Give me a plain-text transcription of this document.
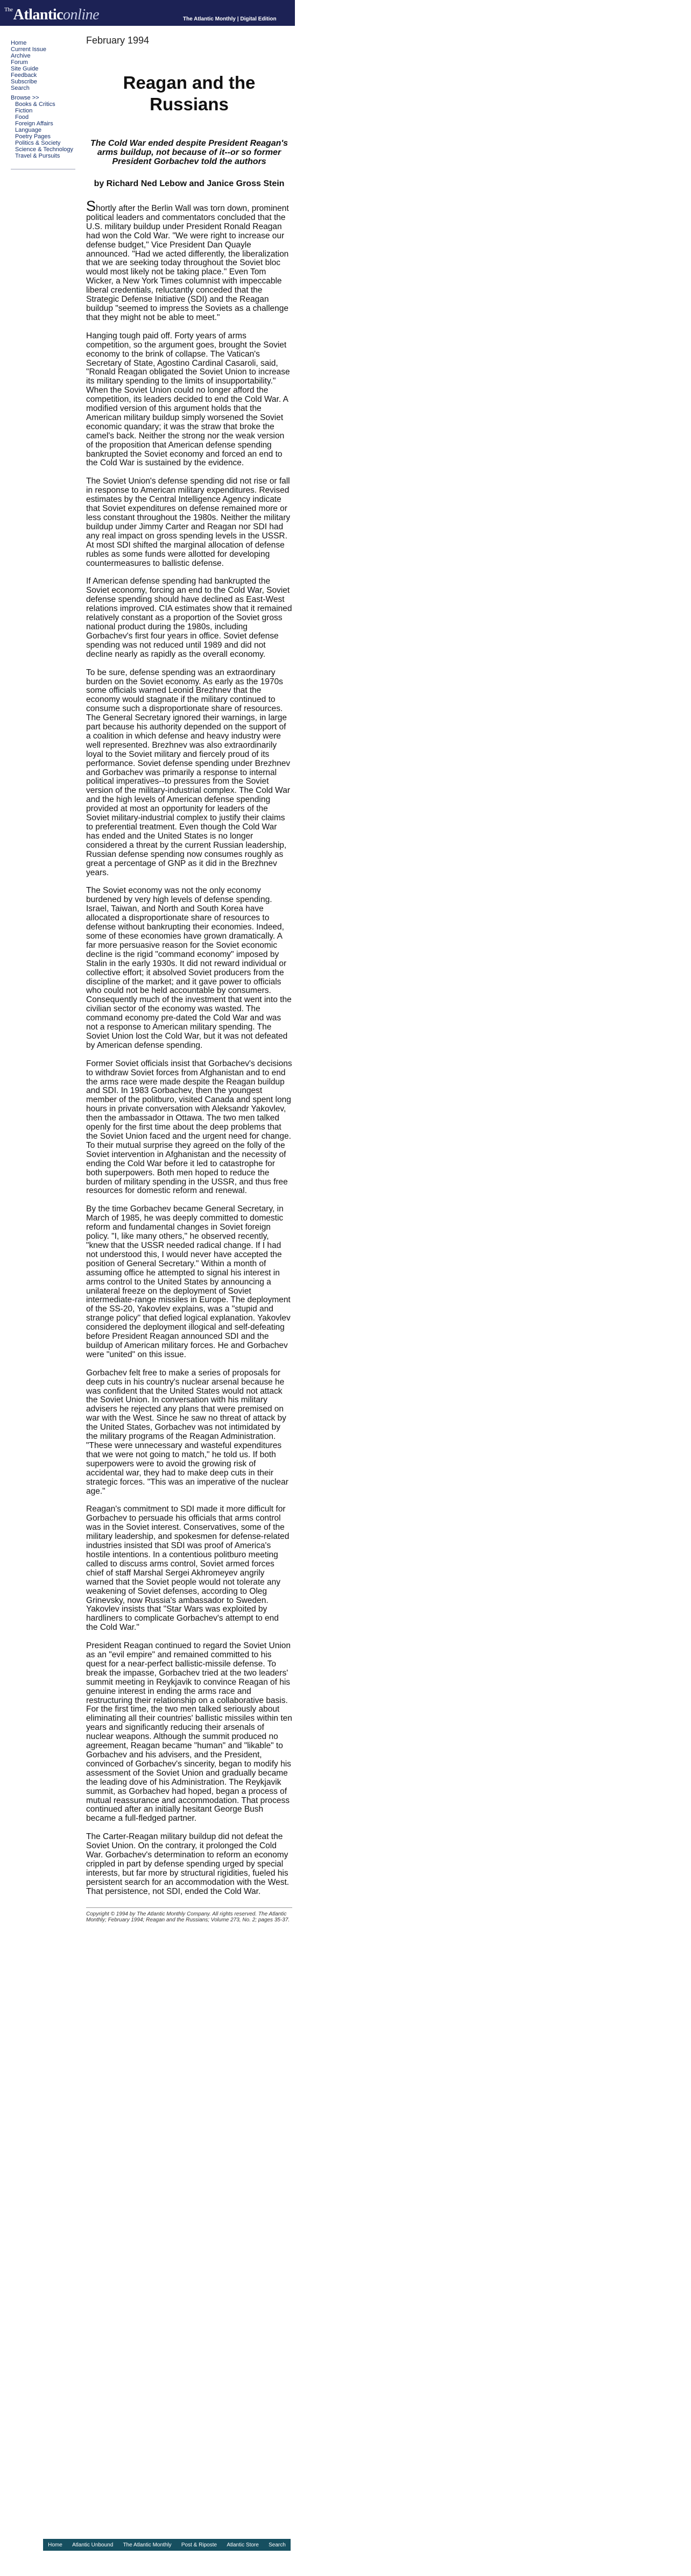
$^{The}$Atlanticonline	The Atlantic Monthly | Digital Edition
Home
Current Issue
Archive
Forum
Site Guide
Feedback
Subscribe
Search
Browse >>
Books & Critics
Fiction
Food
Foreign Affairs
Language
Poetry Pages
Politics & Society
Science & Technology
Travel & Pursuits
February 1994
Reagan and the Russians
The Cold War ended despite President Reagan's arms buildup, not because of it--or so former President Gorbachev told the authors
by Richard Ned Lebow and Janice Gross Stein

Shortly after the Berlin Wall was torn down, prominent political leaders and commentators concluded that the U.S. military buildup under President Ronald Reagan had won the Cold War. "We were right to increase our defense budget," Vice President Dan Quayle announced. "Had we acted differently, the liberalization that we are seeking today throughout the Soviet bloc would most likely not be taking place." Even Tom Wicker, a New York Times columnist with impeccable liberal credentials, reluctantly conceded that the Strategic Defense Initiative (SDI) and the Reagan buildup "seemed to impress the Soviets as a challenge that they might not be able to meet."

Hanging tough paid off. Forty years of arms competition, so the argument goes, brought the Soviet economy to the brink of collapse. The Vatican's Secretary of State, Agostino Cardinal Casaroli, said, "Ronald Reagan obligated the Soviet Union to increase its military spending to the limits of insupportability." When the Soviet Union could no longer afford the competition, its leaders decided to end the Cold War. A modified version of this argument holds that the American military buildup simply worsened the Soviet economic quandary; it was the straw that broke the camel's back. Neither the strong nor the weak version of the proposition that American defense spending bankrupted the Soviet economy and forced an end to the Cold War is sustained by the evidence.

The Soviet Union's defense spending did not rise or fall in response to American military expenditures. Revised estimates by the Central Intelligence Agency indicate that Soviet expenditures on defense remained more or less constant throughout the 1980s. Neither the military buildup under Jimmy Carter and Reagan nor SDI had any real impact on gross spending levels in the USSR. At most SDI shifted the marginal allocation of defense rubles as some funds were allotted for developing countermeasures to ballistic defense.

If American defense spending had bankrupted the Soviet economy, forcing an end to the Cold War, Soviet defense spending should have declined as East-West relations improved. CIA estimates show that it remained relatively constant as a proportion of the Soviet gross national product during the 1980s, including Gorbachev's first four years in office. Soviet defense spending was not reduced until 1989 and did not decline nearly as rapidly as the overall economy.

To be sure, defense spending was an extraordinary burden on the Soviet economy. As early as the 1970s some officials warned Leonid Brezhnev that the economy would stagnate if the military continued to consume such a disproportionate share of resources. The General Secretary ignored their warnings, in large part because his authority depended on the support of a coalition in which defense and heavy industry were well represented. Brezhnev was also extraordinarily loyal to the Soviet military and fiercely proud of its performance. Soviet defense spending under Brezhnev and Gorbachev was primarily a response to internal political imperatives--to pressures from the Soviet version of the military-industrial complex. The Cold War and the high levels of American defense spending provided at most an opportunity for leaders of the Soviet military-industrial complex to justify their claims to preferential treatment. Even though the Cold War has ended and the United States is no longer considered a threat by the current Russian leadership, Russian defense spending now consumes roughly as great a percentage of GNP as it did in the Brezhnev years.

The Soviet economy was not the only economy burdened by very high levels of defense spending. Israel, Taiwan, and North and South Korea have allocated a disproportionate share of resources to defense without bankrupting their economies. Indeed, some of these economies have grown dramatically. A far more persuasive reason for the Soviet economic decline is the rigid "command economy" imposed by Stalin in the early 1930s. It did not reward individual or collective effort; it absolved Soviet producers from the discipline of the market; and it gave power to officials who could not be held accountable by consumers. Consequently much of the investment that went into the civilian sector of the economy was wasted. The command economy pre-dated the Cold War and was not a response to American military spending. The Soviet Union lost the Cold War, but it was not defeated by American defense spending.

Former Soviet officials insist that Gorbachev's decisions to withdraw Soviet forces from Afghanistan and to end the arms race were made despite the Reagan buildup and SDI. In 1983 Gorbachev, then the youngest member of the politburo, visited Canada and spent long hours in private conversation with Aleksandr Yakovlev, then the ambassador in Ottawa. The two men talked openly for the first time about the deep problems that the Soviet Union faced and the urgent need for change. To their mutual surprise they agreed on the folly of the Soviet intervention in Afghanistan and the necessity of ending the Cold War before it led to catastrophe for both superpowers. Both men hoped to reduce the burden of military spending in the USSR, and thus free resources for domestic reform and renewal.

By the time Gorbachev became General Secretary, in March of 1985, he was deeply committed to domestic reform and fundamental changes in Soviet foreign policy. "I, like many others," he observed recently, "knew that the USSR needed radical change. If I had not understood this, I would never have accepted the position of General Secretary." Within a month of assuming office he attempted to signal his interest in arms control to the United States by announcing a unilateral freeze on the deployment of Soviet intermediate-range missiles in Europe. The deployment of the SS-20, Yakovlev explains, was a "stupid and strange policy" that defied logical explanation. Yakovlev considered the deployment illogical and self-defeating before President Reagan announced SDI and the buildup of American military forces. He and Gorbachev were "united" on this issue.

Gorbachev felt free to make a series of proposals for deep cuts in his country's nuclear arsenal because he was confident that the United States would not attack the Soviet Union. In conversation with his military advisers he rejected any plans that were premised on war with the West. Since he saw no threat of attack by the United States, Gorbachev was not intimidated by the military programs of the Reagan Administration. "These were unnecessary and wasteful expenditures that we were not going to match," he told us. If both superpowers were to avoid the growing risk of accidental war, they had to make deep cuts in their strategic forces. "This was an imperative of the nuclear age."

Reagan's commitment to SDI made it more difficult for Gorbachev to persuade his officials that arms control was in the Soviet interest. Conservatives, some of the military leadership, and spokesmen for defense-related industries insisted that SDI was proof of America's hostile intentions. In a contentious politburo meeting called to discuss arms control, Soviet armed forces chief of staff Marshal Sergei Akhromeyev angrily warned that the Soviet people would not tolerate any weakening of Soviet defenses, according to Oleg Grinevsky, now Russia's ambassador to Sweden. Yakovlev insists that "Star Wars was exploited by hardliners to complicate Gorbachev's attempt to end the Cold War."

President Reagan continued to regard the Soviet Union as an "evil empire" and remained committed to his quest for a near-perfect ballistic-missile defense. To break the impasse, Gorbachev tried at the two leaders' summit meeting in Reykjavik to convince Reagan of his genuine interest in ending the arms race and restructuring their relationship on a collaborative basis. For the first time, the two men talked seriously about eliminating all their countries' ballistic missiles within ten years and significantly reducing their arsenals of nuclear weapons. Although the summit produced no agreement, Reagan became "human" and "likable" to Gorbachev and his advisers, and the President, convinced of Gorbachev's sincerity, began to modify his assessment of the Soviet Union and gradually became the leading dove of his Administration. The Reykjavik summit, as Gorbachev had hoped, began a process of mutual reassurance and accommodation. That process continued after an initially hesitant George Bush became a full-fledged partner.

The Carter-Reagan military buildup did not defeat the Soviet Union. On the contrary, it prolonged the Cold War. Gorbachev's determination to reform an economy crippled in part by defense spending urged by special interests, but far more by structural rigidities, fueled his persistent search for an accommodation with the West. That persistence, not SDI, ended the Cold War.

Copyright © 1994 by The Atlantic Monthly Company. All rights reserved. The Atlantic Monthly; February 1994; Reagan and the Russians; Volume 273, No. 2; pages 35-37.
Home Atlantic Unbound The Atlantic Monthly Post & Riposte Atlantic Store Search
